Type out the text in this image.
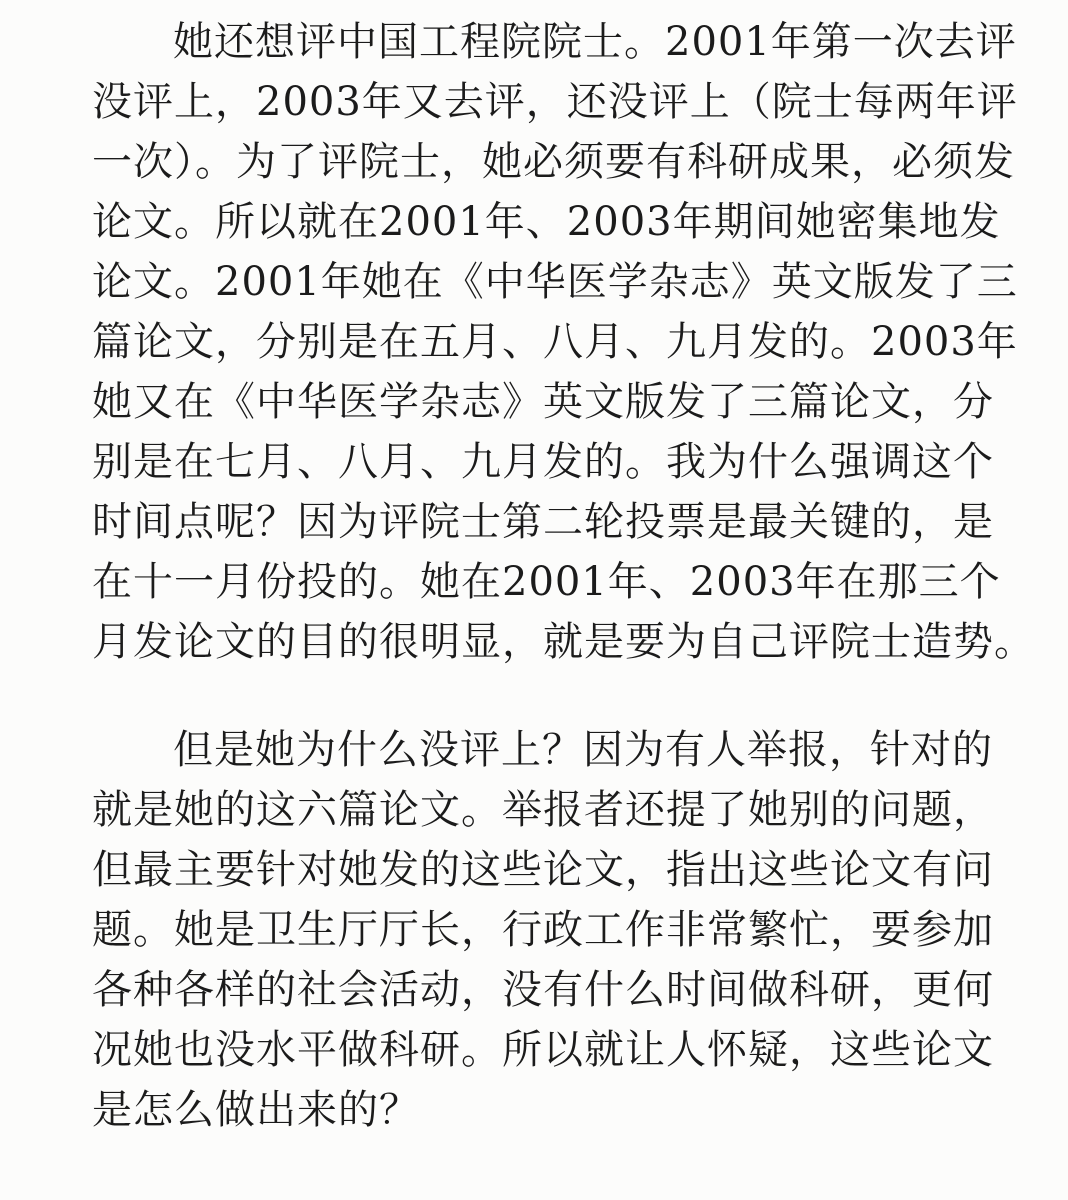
她还想评中国工程院院士。2001年第一次去评
没评上，2003年又去评，还没评上（院士每两年评
一次）。为了评院士，她必须要有科研成果，必须发
论文。所以就在2001年、2003年期间她密集地发
论文。2001年她在《中华医学杂志》英文版发了三
篇论文，分别是在五月、八月、九月发的。2003年
她又在《中华医学杂志》英文版发了三篇论文，分
别是在七月、八月、九月发的。我为什么强调这个
时间点呢？因为评院士第二轮投票是最关键的，是
在十一月份投的。她在2001年、2003年在那三个
月发论文的目的很明显，就是要为自己评院士造势。
但是她为什么没评上？因为有人举报，针对的
就是她的这六篇论文。举报者还提了她别的问题，
但最主要针对她发的这些论文，指出这些论文有问
题。她是卫生厅厅长，行政工作非常繁忙，要参加
各种各样的社会活动，没有什么时间做科研，更何
况她也没水平做科研。所以就让人怀疑，这些论文
是怎么做出来的？
